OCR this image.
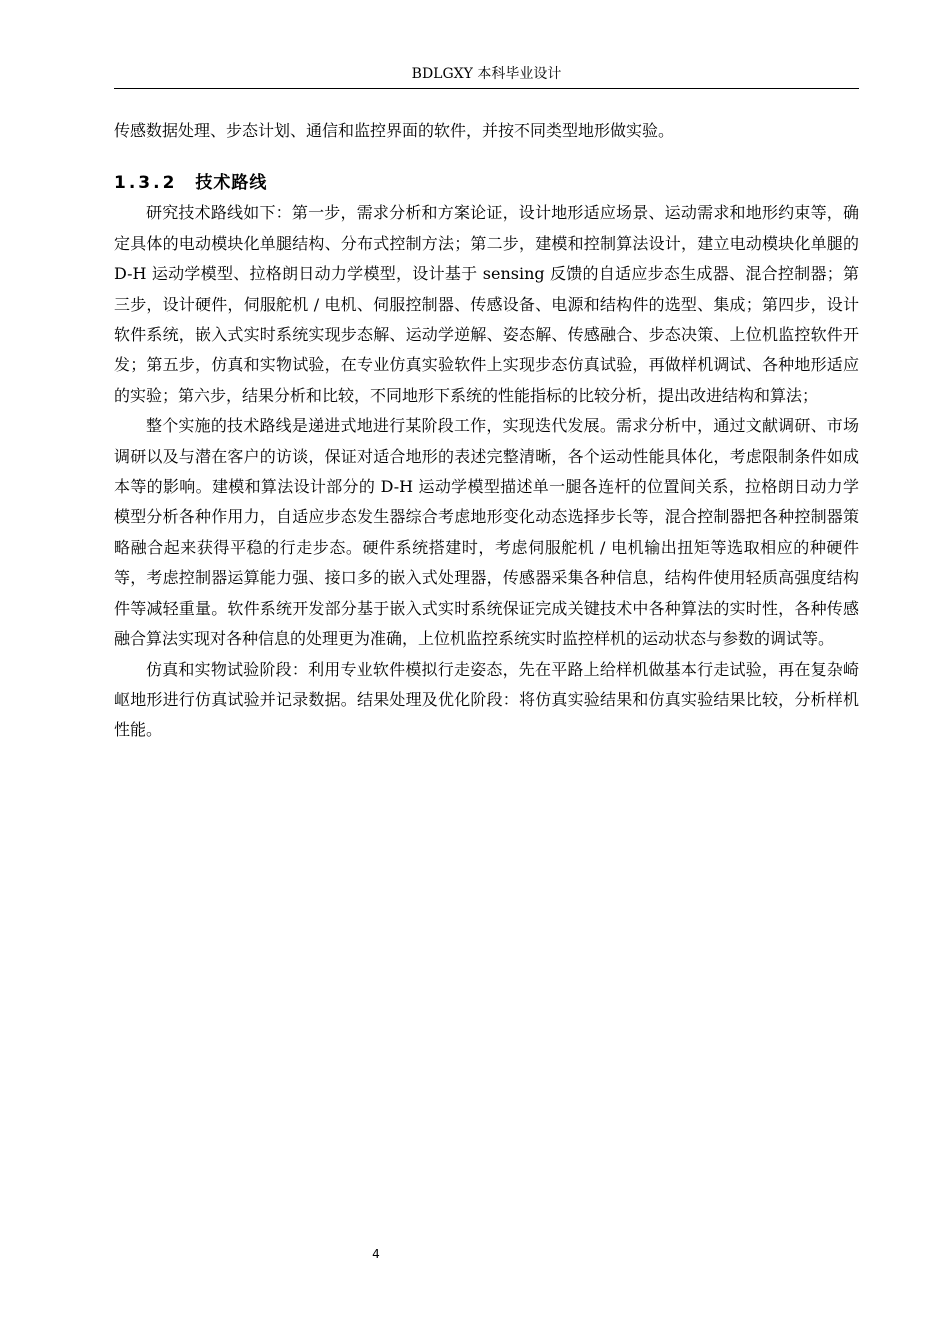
BDLGXY 本科毕业设计

传感数据处理、步态计划、通信和监控界面的软件，并按不同类型地形做实验。

1.3.2 技术路线

研究技术路线如下：第一步，需求分析和方案论证，设计地形适应场景、运动需求和地形约束等，确定具体的电动模块化单腿结构、分布式控制方法；第二步，建模和控制算法设计，建立电动模块化单腿的 D-H 运动学模型、拉格朗日动力学模型，设计基于 sensing 反馈的自适应步态生成器、混合控制器；第三步，设计硬件，伺服舵机 / 电机、伺服控制器、传感设备、电源和结构件的选型、集成；第四步，设计软件系统，嵌入式实时系统实现步态解、运动学逆解、姿态解、传感融合、步态决策、上位机监控软件开发；第五步，仿真和实物试验，在专业仿真实验软件上实现步态仿真试验，再做样机调试、各种地形适应的实验；第六步，结果分析和比较，不同地形下系统的性能指标的比较分析，提出改进结构和算法；

整个实施的技术路线是递进式地进行某阶段工作，实现迭代发展。需求分析中，通过文献调研、市场调研以及与潜在客户的访谈，保证对适合地形的表述完整清晰，各个运动性能具体化，考虑限制条件如成本等的影响。建模和算法设计部分的 D-H 运动学模型描述单一腿各连杆的位置间关系，拉格朗日动力学模型分析各种作用力，自适应步态发生器综合考虑地形变化动态选择步长等，混合控制器把各种控制器策略融合起来获得平稳的行走步态。硬件系统搭建时，考虑伺服舵机 / 电机输出扭矩等选取相应的种硬件等，考虑控制器运算能力强、接口多的嵌入式处理器，传感器采集各种信息，结构件使用轻质高强度结构件等减轻重量。软件系统开发部分基于嵌入式实时系统保证完成关键技术中各种算法的实时性，各种传感融合算法实现对各种信息的处理更为准确，上位机监控系统实时监控样机的运动状态与参数的调试等。

仿真和实物试验阶段：利用专业软件模拟行走姿态，先在平路上给样机做基本行走试验，再在复杂崎岖地形进行仿真试验并记录数据。结果处理及优化阶段：将仿真实验结果和仿真实验结果比较，分析样机性能。

4
